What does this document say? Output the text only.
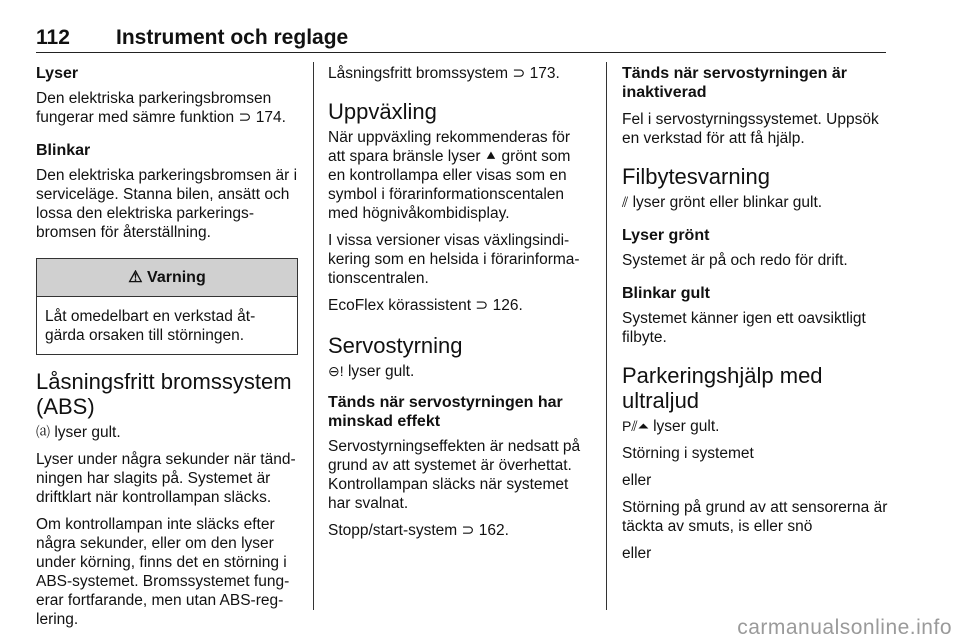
112 Instrument och reglage
Lyser
Den elektriska parkeringsbromsen fungerar med sämre funktion ⊃ 174.
Blinkar
Den elektriska parkeringsbromsen är i serviceläge. Stanna bilen, ansätt och lossa den elektriska parkeringsbromsen för återställning.
⚠ Varning
Låt omedelbart en verkstad åtgärda orsaken till störningen.
Låsningsfritt bromssystem (ABS)
⒜ lyser gult.
Lyser under några sekunder när tändningen har slagits på. Systemet är driftklart när kontrollampan släcks.
Om kontrollampan inte släcks efter några sekunder, eller om den lyser under körning, finns det en störning i ABS-systemet. Bromssystemet fungerar fortfarande, men utan ABS-reglering.
Låsningsfritt bromssystem ⊃ 173.
Uppväxling
När uppväxling rekommenderas för att spara bränsle lyser ⯅ grönt som en kontrollampa eller visas som en symbol i förarinformationscentalen med högnivåkombidisplay.
I vissa versioner visas växlingsindikering som en helsida i förarinformationscentralen.
EcoFlex körassistent ⊃ 126.
Servostyrning
⊖! lyser gult.
Tänds när servostyrningen har minskad effekt
Servostyrningseffekten är nedsatt på grund av att systemet är överhettat. Kontrollampan släcks när systemet har svalnat.
Stopp/start-system ⊃ 162.
Tänds när servostyrningen är inaktiverad
Fel i servostyrningssystemet. Uppsök en verkstad för att få hjälp.
Filbytesvarning
⫽ lyser grönt eller blinkar gult.
Lyser grönt
Systemet är på och redo för drift.
Blinkar gult
Systemet känner igen ett oavsiktligt filbyte.
Parkeringshjälp med ultraljud
P⫽⏶ lyser gult.
Störning i systemet
eller
Störning på grund av att sensorerna är täckta av smuts, is eller snö
eller
carmanualsonline.info
